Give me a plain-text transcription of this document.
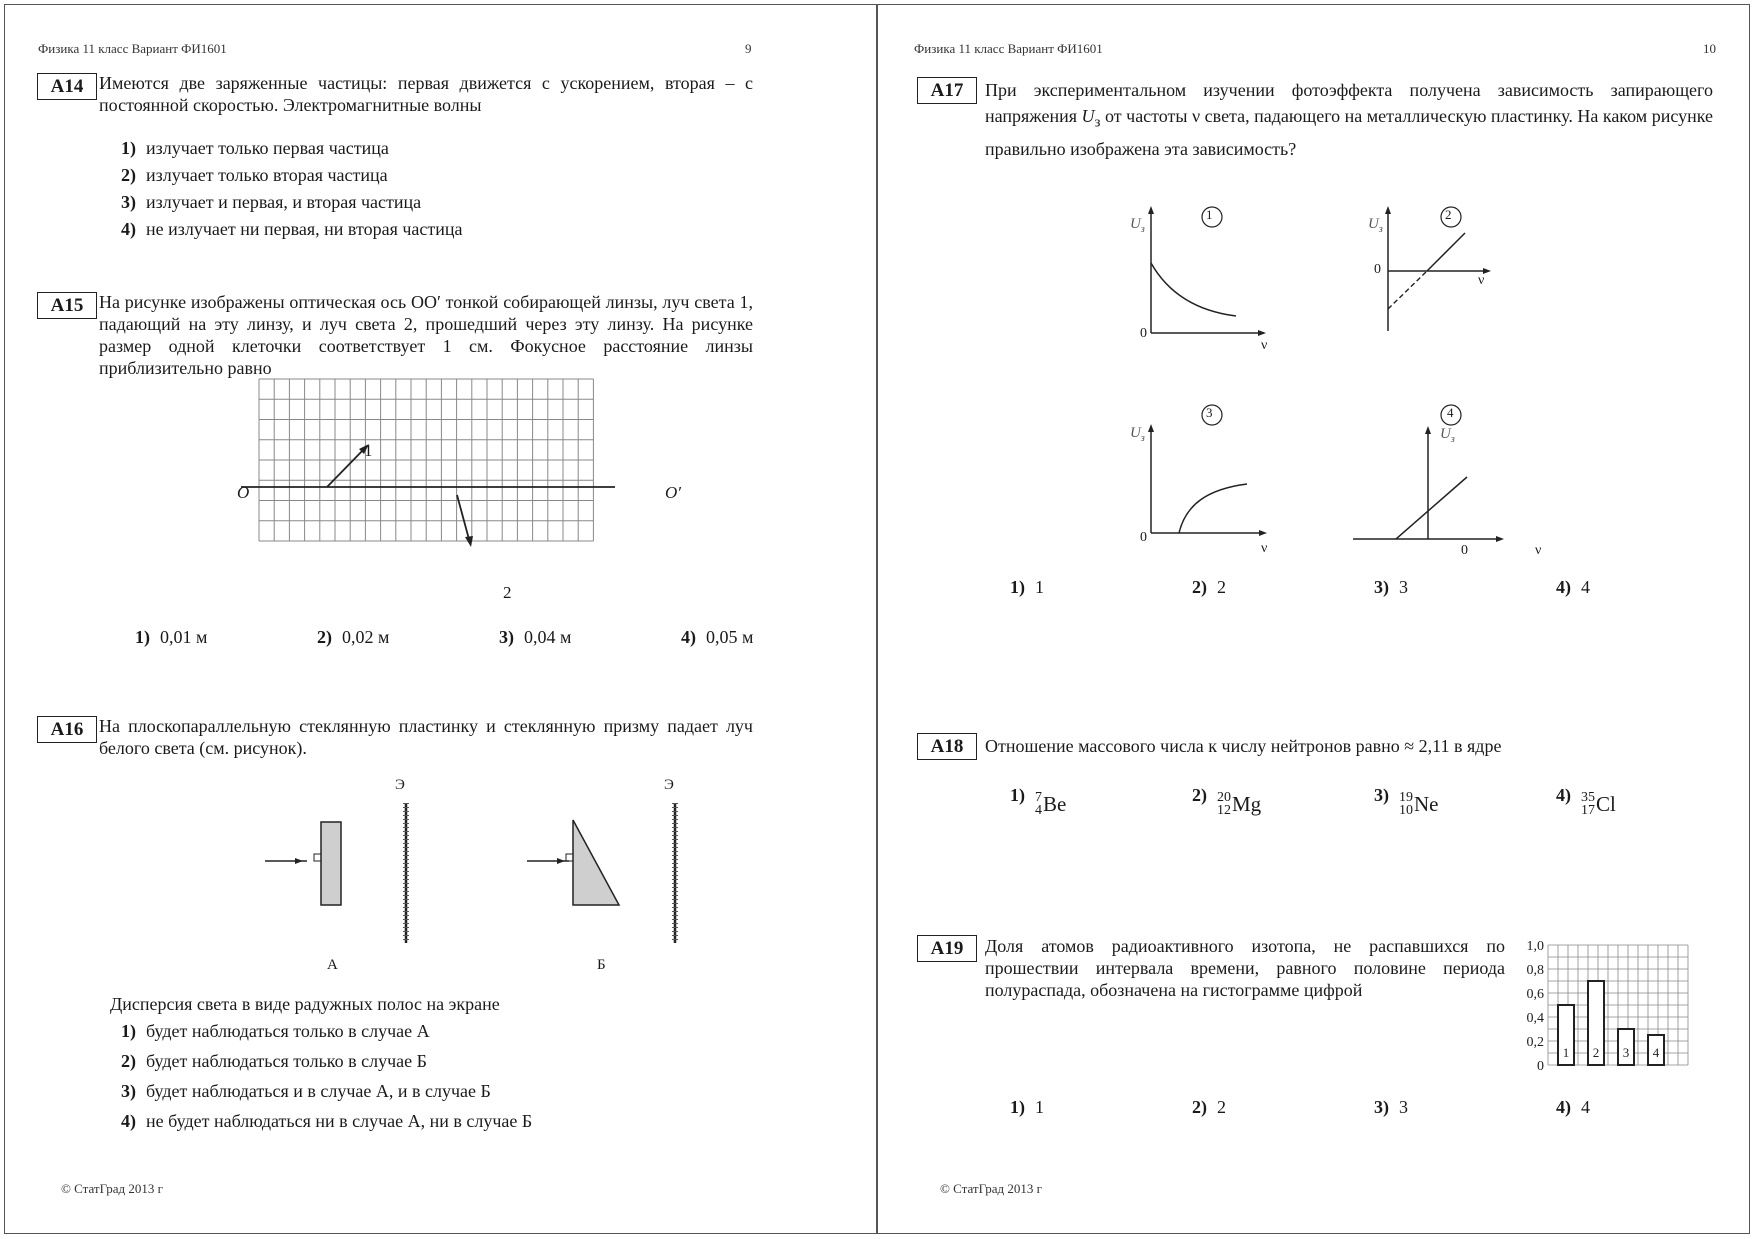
Физика 11 класс Вариант ФИ1601	9
A14 Имеются две заряженные частицы: первая движется с ускорением, вторая – с постоянной скоростью. Электромагнитные волны
1) излучает только первая частица
2) излучает только вторая частица
3) излучает и первая, и вторая частица
4) не излучает ни первая, ни вторая частица
A15 На рисунке изображены оптическая ось OO′ тонкой собирающей линзы, луч света 1, падающий на эту линзу, и луч света 2, прошедший через эту линзу. На рисунке размер одной клеточки соответствует 1 см. Фокусное расстояние линзы приблизительно равно
O	O′
1
2
1) 0,01 м	2) 0,02 м	3) 0,04 м	4) 0,05 м
A16 На плоскопараллельную стеклянную пластинку и стеклянную призму падает луч белого света (см. рисунок).
Э	Э
А	Б
Дисперсия света в виде радужных полос на экране
1) будет наблюдаться только в случае А
2) будет наблюдаться только в случае Б
3) будет наблюдаться и в случае А, и в случае Б
4) не будет наблюдаться ни в случае А, ни в случае Б
© СтатГрад 2013 г
Физика 11 класс Вариант ФИ1601	10
A17	При экспериментальном изучении фотоэффекта получена зависимость запирающего напряжения $U_з$ от частоты ν света, падающего на металлическую пластинку. На каком рисунке правильно изображена эта зависимость?
1
$U_з$
0
ν
2
$U_з$
0
ν
3
$U_з$
0
ν
4
$U_з$
0	ν
1) 1	2) 2	3) 3	4) 4
A18	Отношение массового числа к числу нейтронов равно ≈ 2,11 в ядре
1) 7
4 Be	2) 20
12 Mg	3) 19
10 Ne	4) 35
17 Cl
A19	Доля атомов радиоактивного изотопа, не распавшихся по прошествии интервала времени, равного половине периода полураспада, обозначена на гистограмме цифрой
1 2 3 4
0
0,2
0,4
0,6
0,8
1,0
1) 1	2) 2	3) 3	4) 4
© СтатГрад 2013 г
